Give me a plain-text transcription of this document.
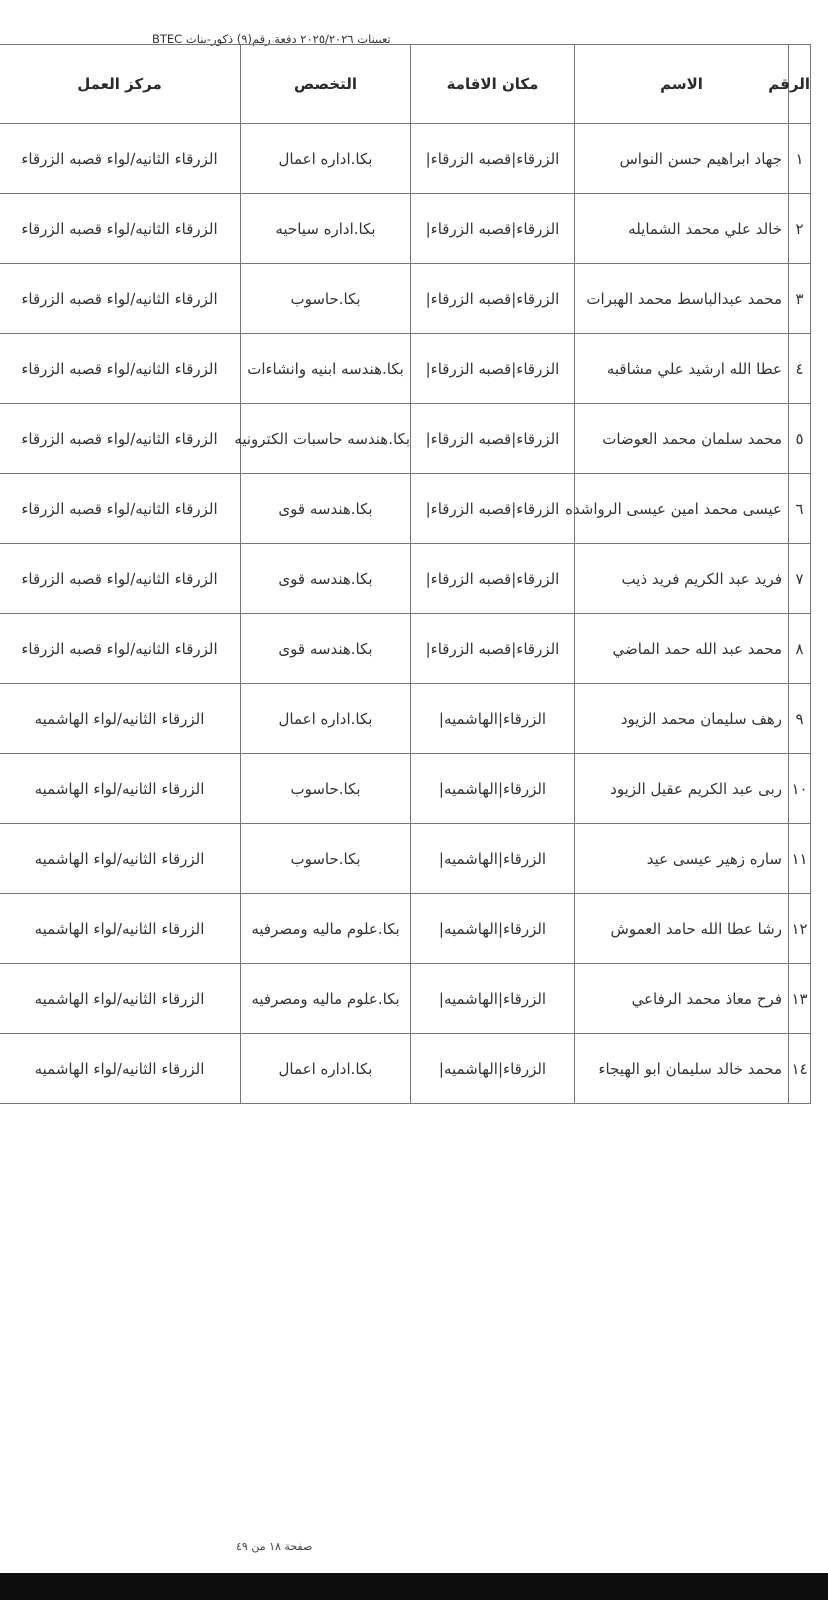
تعيينات ٢٠٢٥/٢٠٢٦ دفعة رقم(٩) ذكور-بنات BTEC
الرقم	الاسم	مكان الاقامة	التخصص	مركز العمل
١	جهاد ابراهيم حسن النواس	الزرقاء|قصبه الزرقاء|	بكا.اداره اعمال	الزرقاء الثانيه/لواء قصبه الزرقاء
٢	خالد علي محمد الشمايله	الزرقاء|قصبه الزرقاء|	بكا.اداره سياحيه	الزرقاء الثانيه/لواء قصبه الزرقاء
٣	محمد عبدالباسط محمد الهبرات	الزرقاء|قصبه الزرقاء|	بكا.حاسوب	الزرقاء الثانيه/لواء قصبه الزرقاء
٤	عطا الله ارشيد علي مشاقبه	الزرقاء|قصبه الزرقاء|	بكا.هندسه ابنيه وانشاءات	الزرقاء الثانيه/لواء قصبه الزرقاء
٥	محمد سلمان محمد العوضات	الزرقاء|قصبه الزرقاء|	بكا.هندسه حاسبات الكترونيه	الزرقاء الثانيه/لواء قصبه الزرقاء
٦	عيسى محمد امين عيسى الرواشده	الزرقاء|قصبه الزرقاء|	بكا.هندسه قوى	الزرقاء الثانيه/لواء قصبه الزرقاء
٧	فريد عبد الكريم فريد ذيب	الزرقاء|قصبه الزرقاء|	بكا.هندسه قوى	الزرقاء الثانيه/لواء قصبه الزرقاء
٨	محمد عبد الله حمد الماضي	الزرقاء|قصبه الزرقاء|	بكا.هندسه قوى	الزرقاء الثانيه/لواء قصبه الزرقاء
٩	رهف سليمان محمد الزيود	الزرقاء|الهاشميه|	بكا.اداره اعمال	الزرقاء الثانيه/لواء الهاشميه
١٠	ربى عبد الكريم عقيل الزيود	الزرقاء|الهاشميه|	بكا.حاسوب	الزرقاء الثانيه/لواء الهاشميه
١١	ساره زهير عيسى عيد	الزرقاء|الهاشميه|	بكا.حاسوب	الزرقاء الثانيه/لواء الهاشميه
١٢	رشا عطا الله حامد العموش	الزرقاء|الهاشميه|	بكا.علوم ماليه ومصرفيه	الزرقاء الثانيه/لواء الهاشميه
١٣	فرح معاذ محمد الرفاعي	الزرقاء|الهاشميه|	بكا.علوم ماليه ومصرفيه	الزرقاء الثانيه/لواء الهاشميه
١٤	محمد خالد سليمان ابو الهيجاء	الزرقاء|الهاشميه|	بكا.اداره اعمال	الزرقاء الثانيه/لواء الهاشميه
صفحة ١٨ من ٤٩
